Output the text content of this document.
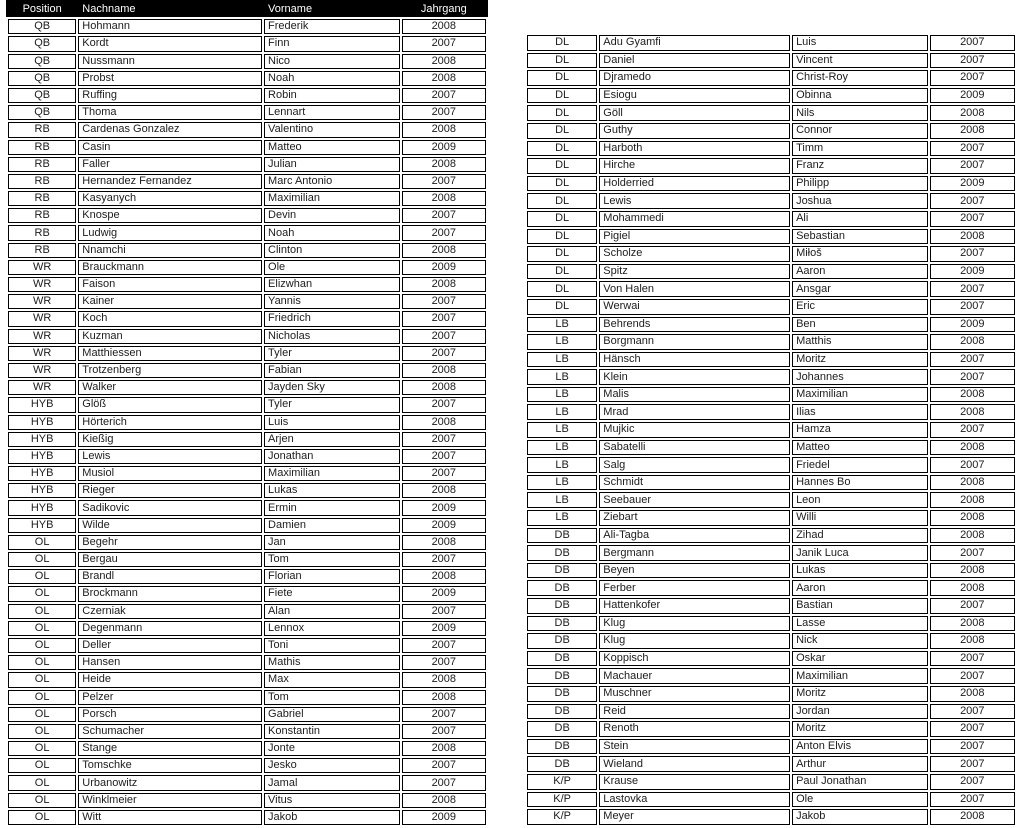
Position	Nachname	Vorname	Jahrgang
QB	Hohmann	Frederik	2008
QB	Kordt	Finn	2007
QB	Nussmann	Nico	2008
QB	Probst	Noah	2008
QB	Ruffing	Robin	2007
QB	Thoma	Lennart	2007
RB	Cardenas Gonzalez	Valentino	2008
RB	Casin	Matteo	2009
RB	Faller	Julian	2008
RB	Hernandez Fernandez	Marc Antonio	2007
RB	Kasyanych	Maximilian	2008
RB	Knospe	Devin	2007
RB	Ludwig	Noah	2007
RB	Nnamchi	Clinton	2008
WR	Brauckmann	Ole	2009
WR	Faison	Elizwhan	2008
WR	Kainer	Yannis	2007
WR	Koch	Friedrich	2007
WR	Kuzman	Nicholas	2007
WR	Matthiessen	Tyler	2007
WR	Trotzenberg	Fabian	2008
WR	Walker	Jayden Sky	2008
HYB	Glöß	Tyler	2007
HYB	Hörterich	Luis	2008
HYB	Kießig	Arjen	2007
HYB	Lewis	Jonathan	2007
HYB	Musiol	Maximilian	2007
HYB	Rieger	Lukas	2008
HYB	Sadikovic	Ermin	2009
HYB	Wilde	Damien	2009
OL	Begehr	Jan	2008
OL	Bergau	Tom	2007
OL	Brandl	Florian	2008
OL	Brockmann	Fiete	2009
OL	Czerniak	Alan	2007
OL	Degenmann	Lennox	2009
OL	Deller	Toni	2007
OL	Hansen	Mathis	2007
OL	Heide	Max	2008
OL	Pelzer	Tom	2008
OL	Porsch	Gabriel	2007
OL	Schumacher	Konstantin	2007
OL	Stange	Jonte	2008
OL	Tomschke	Jesko	2007
OL	Urbanowitz	Jamal	2007
OL	Winklmeier	Vitus	2008
OL	Witt	Jakob	2009
DL	Adu Gyamfi	Luis	2007
DL	Daniel	Vincent	2007
DL	Djramedo	Christ-Roy	2007
DL	Esiogu	Obinna	2009
DL	Göll	Nils	2008
DL	Guthy	Connor	2008
DL	Harboth	Timm	2007
DL	Hirche	Franz	2007
DL	Holderried	Philipp	2009
DL	Lewis	Joshua	2007
DL	Mohammedi	Ali	2007
DL	Pigiel	Sebastian	2008
DL	Scholze	Miłoš	2007
DL	Spitz	Aaron	2009
DL	Von Halen	Ansgar	2007
DL	Werwai	Eric	2007
LB	Behrends	Ben	2009
LB	Borgmann	Matthis	2008
LB	Hänsch	Moritz	2007
LB	Klein	Johannes	2007
LB	Malis	Maximilian	2008
LB	Mrad	Ilias	2008
LB	Mujkic	Hamza	2007
LB	Sabatelli	Matteo	2008
LB	Salg	Friedel	2007
LB	Schmidt	Hannes Bo	2008
LB	Seebauer	Leon	2008
LB	Ziebart	Willi	2008
DB	Ali-Tagba	Zihad	2008
DB	Bergmann	Janik Luca	2007
DB	Beyen	Lukas	2008
DB	Ferber	Aaron	2008
DB	Hattenkofer	Bastian	2007
DB	Klug	Lasse	2008
DB	Klug	Nick	2008
DB	Koppisch	Oskar	2007
DB	Machauer	Maximilian	2007
DB	Muschner	Moritz	2008
DB	Reid	Jordan	2007
DB	Renoth	Moritz	2007
DB	Stein	Anton Elvis	2007
DB	Wieland	Arthur	2007
K/P	Krause	Paul Jonathan	2007
K/P	Lastovka	Ole	2007
K/P	Meyer	Jakob	2008
